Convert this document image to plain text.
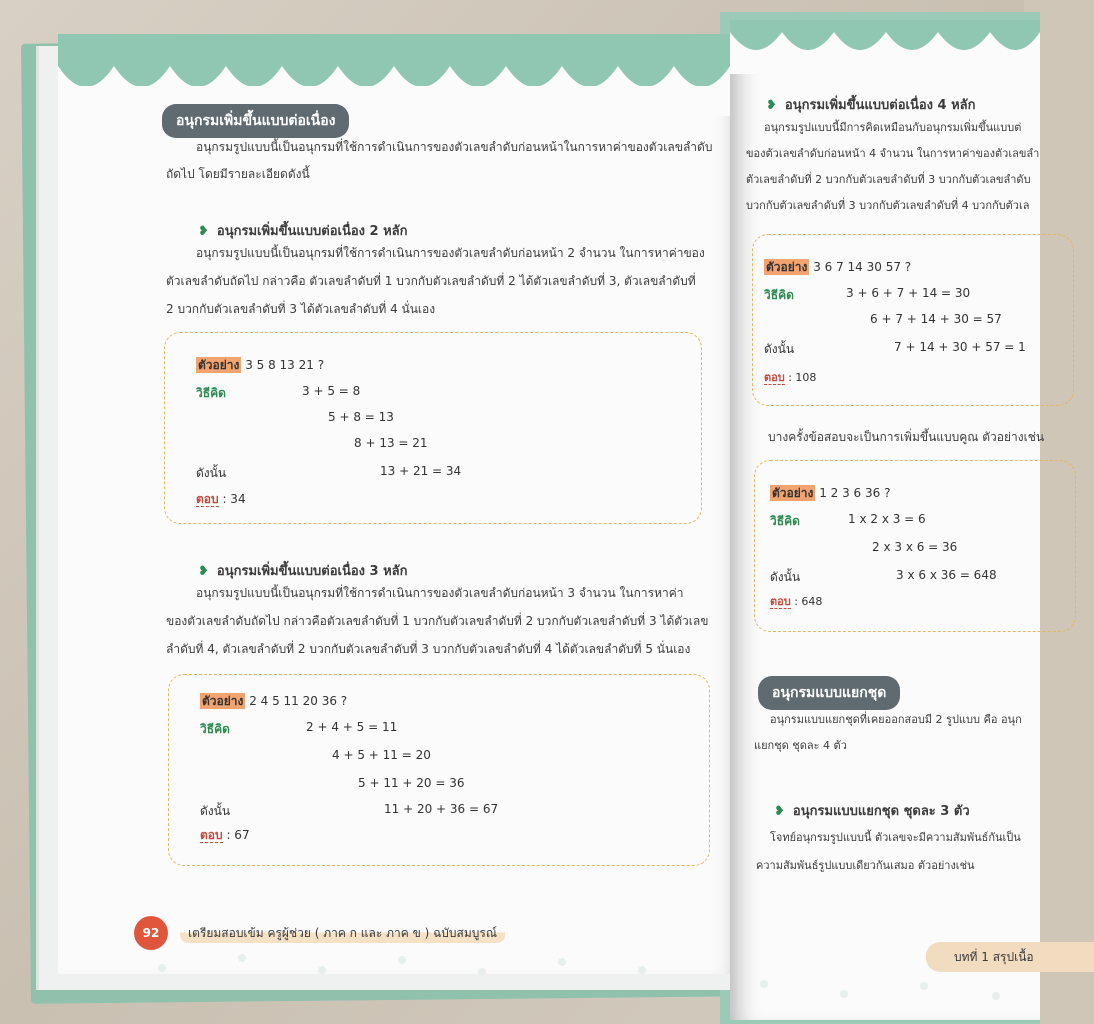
อนุกรมเพิ่มขึ้นแบบต่อเนื่อง
อนุกรมรูปแบบนี้เป็นอนุกรมที่ใช้การดำเนินการของตัวเลขลำดับก่อนหน้าในการหาค่าของตัวเลขลำดับ
ถัดไป โดยมีรายละเอียดดังนี้
❥ อนุกรมเพิ่มขึ้นแบบต่อเนื่อง 2 หลัก
อนุกรมรูปแบบนี้เป็นอนุกรมที่ใช้การดำเนินการของตัวเลขลำดับก่อนหน้า 2 จำนวน ในการหาค่าของ
ตัวเลขลำดับถัดไป กล่าวคือ ตัวเลขลำดับที่ 1 บวกกับตัวเลขลำดับที่ 2 ได้ตัวเลขลำดับที่ 3, ตัวเลขลำดับที่
2 บวกกับตัวเลขลำดับที่ 3 ได้ตัวเลขลำดับที่ 4 นั่นเอง
ตัวอย่าง 3 5 8 13 21 ?
วิธีคิด	3 + 5 = 8
5 + 8 = 13
8 + 13 = 21
ดังนั้น	13 + 21 = 34
ตอบ : 34
❥ อนุกรมเพิ่มขึ้นแบบต่อเนื่อง 3 หลัก
อนุกรมรูปแบบนี้เป็นอนุกรมที่ใช้การดำเนินการของตัวเลขลำดับก่อนหน้า 3 จำนวน ในการหาค่า
ของตัวเลขลำดับถัดไป กล่าวคือตัวเลขลำดับที่ 1 บวกกับตัวเลขลำดับที่ 2 บวกกับตัวเลขลำดับที่ 3 ได้ตัวเลข
ลำดับที่ 4, ตัวเลขลำดับที่ 2 บวกกับตัวเลขลำดับที่ 3 บวกกับตัวเลขลำดับที่ 4 ได้ตัวเลขลำดับที่ 5 นั่นเอง
ตัวอย่าง 2 4 5 11 20 36 ?
วิธีคิด	2 + 4 + 5 = 11
4 + 5 + 11 = 20
5 + 11 + 20 = 36
ดังนั้น	11 + 20 + 36 = 67
ตอบ : 67
92	เตรียมสอบเข้ม ครูผู้ช่วย ( ภาค ก และ ภาค ข ) ฉบับสมบูรณ์
❥ อนุกรมเพิ่มขึ้นแบบต่อเนื่อง 4 หลัก
อนุกรมรูปแบบนี้มีการคิดเหมือนกับอนุกรมเพิ่มขึ้นแบบต่
ของตัวเลขลำดับก่อนหน้า 4 จำนวน ในการหาค่าของตัวเลขลำ
ตัวเลขลำดับที่ 2 บวกกับตัวเลขลำดับที่ 3 บวกกับตัวเลขลำดับ
บวกกับตัวเลขลำดับที่ 3 บวกกับตัวเลขลำดับที่ 4 บวกกับตัวเล
ตัวอย่าง 3 6 7 14 30 57 ?
วิธีคิด	3 + 6 + 7 + 14 = 30
6 + 7 + 14 + 30 = 57
ดังนั้น	7 + 14 + 30 + 57 = 1
ตอบ : 108
บางครั้งข้อสอบจะเป็นการเพิ่มขึ้นแบบคูณ ตัวอย่างเช่น
ตัวอย่าง 1 2 3 6 36 ?
วิธีคิด	1 x 2 x 3 = 6
2 x 3 x 6 = 36
ดังนั้น	3 x 6 x 36 = 648
ตอบ : 648
อนุกรมแบบแยกชุด
อนุกรมแบบแยกชุดที่เคยออกสอบมี 2 รูปแบบ คือ อนุก
แยกชุด ชุดละ 4 ตัว
❥ อนุกรมแบบแยกชุด ชุดละ 3 ตัว
โจทย์อนุกรมรูปแบบนี้ ตัวเลขจะมีความสัมพันธ์กันเป็น
ความสัมพันธ์รูปแบบเดียวกันเสมอ ตัวอย่างเช่น
บทที่ 1 สรุปเนื้อ
